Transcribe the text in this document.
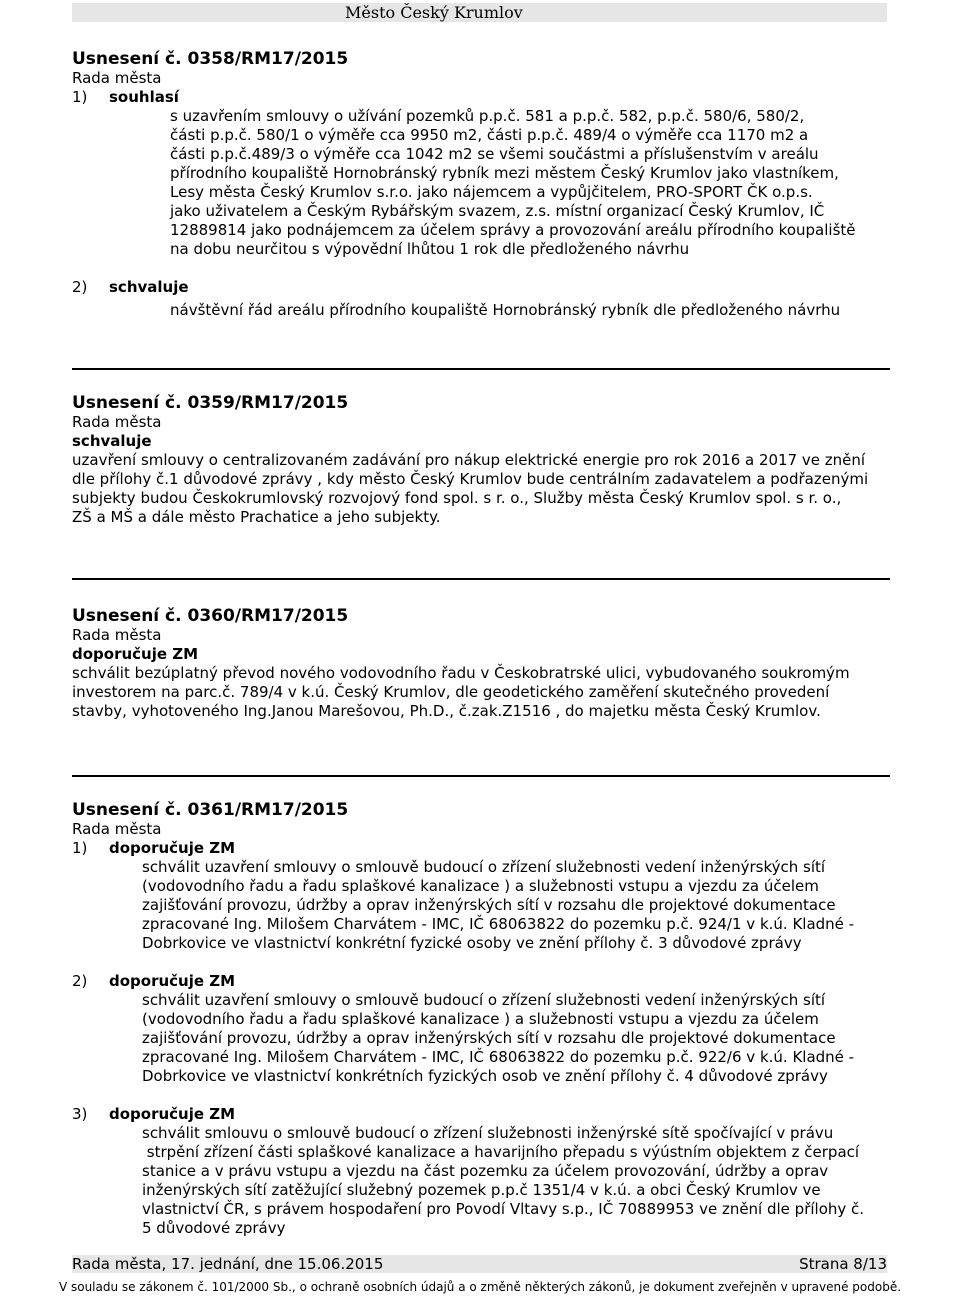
Město Český Krumlov
Usnesení č. 0358/RM17/2015
Rada města
1)	souhlasí
s uzavřením smlouvy o užívání pozemků p.p.č. 581 a p.p.č. 582, p.p.č. 580/6, 580/2,
části p.p.č. 580/1 o výměře cca 9950 m2, části p.p.č. 489/4 o výměře cca 1170 m2 a
části p.p.č.489/3 o výměře cca 1042 m2 se všemi součástmi a příslušenstvím v areálu
přírodního koupaliště Hornobránský rybník mezi městem Český Krumlov jako vlastníkem,
Lesy města Český Krumlov s.r.o. jako nájemcem a vypůjčitelem, PRO-SPORT ČK o.p.s.
jako uživatelem a Českým Rybářským svazem, z.s. místní organizací Český Krumlov, IČ
12889814 jako podnájemcem za účelem správy a provozování areálu přírodního koupaliště
na dobu neurčitou s výpovědní lhůtou 1 rok dle předloženého návrhu
2)	schvaluje
návštěvní řád areálu přírodního koupaliště Hornobránský rybník dle předloženého návrhu
Usnesení č. 0359/RM17/2015
Rada města
schvaluje
uzavření smlouvy o centralizovaném zadávání pro nákup elektrické energie pro rok 2016 a 2017 ve znění
dle přílohy č.1 důvodové zprávy , kdy město Český Krumlov bude centrálním zadavatelem a podřazenými
subjekty budou Českokrumlovský rozvojový fond spol. s r. o., Služby města Český Krumlov spol. s r. o.,
ZŠ a MŠ a dále město Prachatice a jeho subjekty.
Usnesení č. 0360/RM17/2015
Rada města
doporučuje ZM
schválit bezúplatný převod nového vodovodního řadu v Českobratrské ulici, vybudovaného soukromým
investorem na parc.č. 789/4 v k.ú. Český Krumlov, dle geodetického zaměření skutečného provedení
stavby, vyhotoveného Ing.Janou Marešovou, Ph.D., č.zak.Z1516 , do majetku města Český Krumlov.
Usnesení č. 0361/RM17/2015
Rada města
1)	doporučuje ZM
schválit uzavření smlouvy o smlouvě budoucí o zřízení služebnosti vedení inženýrských sítí
(vodovodního řadu a řadu splaškové kanalizace ) a služebnosti vstupu a vjezdu za účelem
zajišťování provozu, údržby a oprav inženýrských sítí v rozsahu dle projektové dokumentace
zpracované Ing. Milošem Charvátem - IMC, IČ 68063822 do pozemku p.č. 924/1 v k.ú. Kladné -
Dobrkovice ve vlastnictví konkrétní fyzické osoby ve znění přílohy č. 3 důvodové zprávy
2)	doporučuje ZM
schválit uzavření smlouvy o smlouvě budoucí o zřízení služebnosti vedení inženýrských sítí
(vodovodního řadu a řadu splaškové kanalizace ) a služebnosti vstupu a vjezdu za účelem
zajišťování provozu, údržby a oprav inženýrských sítí v rozsahu dle projektové dokumentace
zpracované Ing. Milošem Charvátem - IMC, IČ 68063822 do pozemku p.č. 922/6 v k.ú. Kladné -
Dobrkovice ve vlastnictví konkrétních fyzických osob ve znění přílohy č. 4 důvodové zprávy
3)	doporučuje ZM
schválit smlouvu o smlouvě budoucí o zřízení služebnosti inženýrské sítě spočívající v právu
strpění zřízení části splaškové kanalizace a havarijního přepadu s výústním objektem z čerpací
stanice a v právu vstupu a vjezdu na část pozemku za účelem provozování, údržby a oprav
inženýrských sítí zatěžující služebný pozemek p.p.č 1351/4 v k.ú. a obci Český Krumlov ve
vlastnictví ČR, s právem hospodaření pro Povodí Vltavy s.p., IČ 70889953 ve znění dle přílohy č.
5 důvodové zprávy
Rada města, 17. jednání, dne 15.06.2015	Strana 8/13
V souladu se zákonem č. 101/2000 Sb., o ochraně osobních údajů a o změně některých zákonů, je dokument zveřejněn v upravené podobě.
